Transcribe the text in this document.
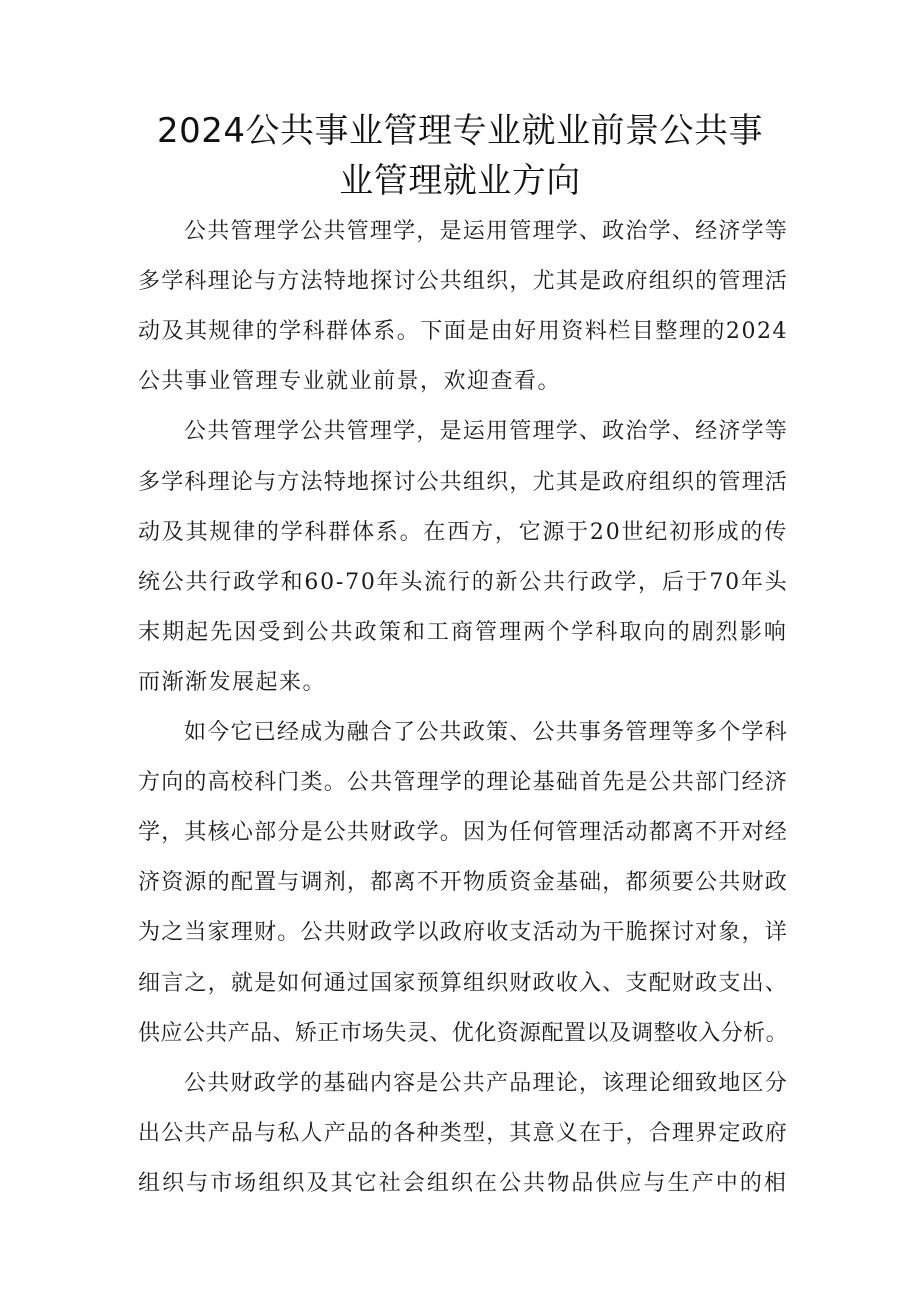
2024公共事业管理专业就业前景公共事
业管理就业方向
公共管理学公共管理学，是运用管理学、政治学、经济学等
多学科理论与方法特地探讨公共组织，尤其是政府组织的管理活
动及其规律的学科群体系。下面是由好用资料栏目整理的2024
公共事业管理专业就业前景，欢迎查看。
公共管理学公共管理学，是运用管理学、政治学、经济学等
多学科理论与方法特地探讨公共组织，尤其是政府组织的管理活
动及其规律的学科群体系。在西方，它源于20世纪初形成的传
统公共行政学和60-70年头流行的新公共行政学，后于70年头
末期起先因受到公共政策和工商管理两个学科取向的剧烈影响
而渐渐发展起来。
如今它已经成为融合了公共政策、公共事务管理等多个学科
方向的高校科门类。公共管理学的理论基础首先是公共部门经济
学，其核心部分是公共财政学。因为任何管理活动都离不开对经
济资源的配置与调剂，都离不开物质资金基础，都须要公共财政
为之当家理财。公共财政学以政府收支活动为干脆探讨对象，详
细言之，就是如何通过国家预算组织财政收入、支配财政支出、
供应公共产品、矫正市场失灵、优化资源配置以及调整收入分析。
公共财政学的基础内容是公共产品理论，该理论细致地区分
出公共产品与私人产品的各种类型，其意义在于，合理界定政府
组织与市场组织及其它社会组织在公共物品供应与生产中的相
